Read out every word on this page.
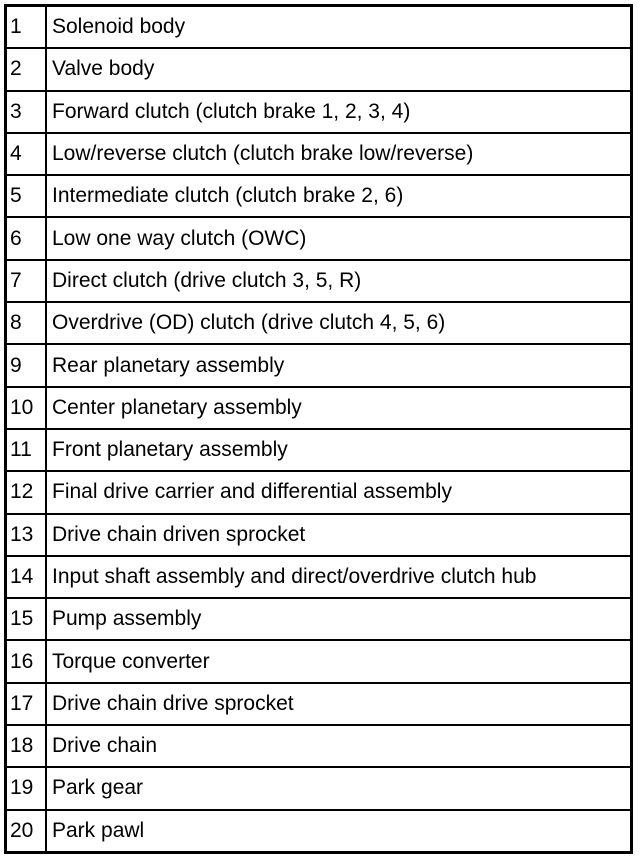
1	Solenoid body
2	Valve body
3	Forward clutch (clutch brake 1, 2, 3, 4)
4	Low/reverse clutch (clutch brake low/reverse)
5	Intermediate clutch (clutch brake 2, 6)
6	Low one way clutch (OWC)
7	Direct clutch (drive clutch 3, 5, R)
8	Overdrive (OD) clutch (drive clutch 4, 5, 6)
9	Rear planetary assembly
10 Center planetary assembly
11 Front planetary assembly
12 Final drive carrier and differential assembly
13 Drive chain driven sprocket
14 Input shaft assembly and direct/overdrive clutch hub
15 Pump assembly
16 Torque converter
17 Drive chain drive sprocket
18 Drive chain
19 Park gear
20 Park pawl
